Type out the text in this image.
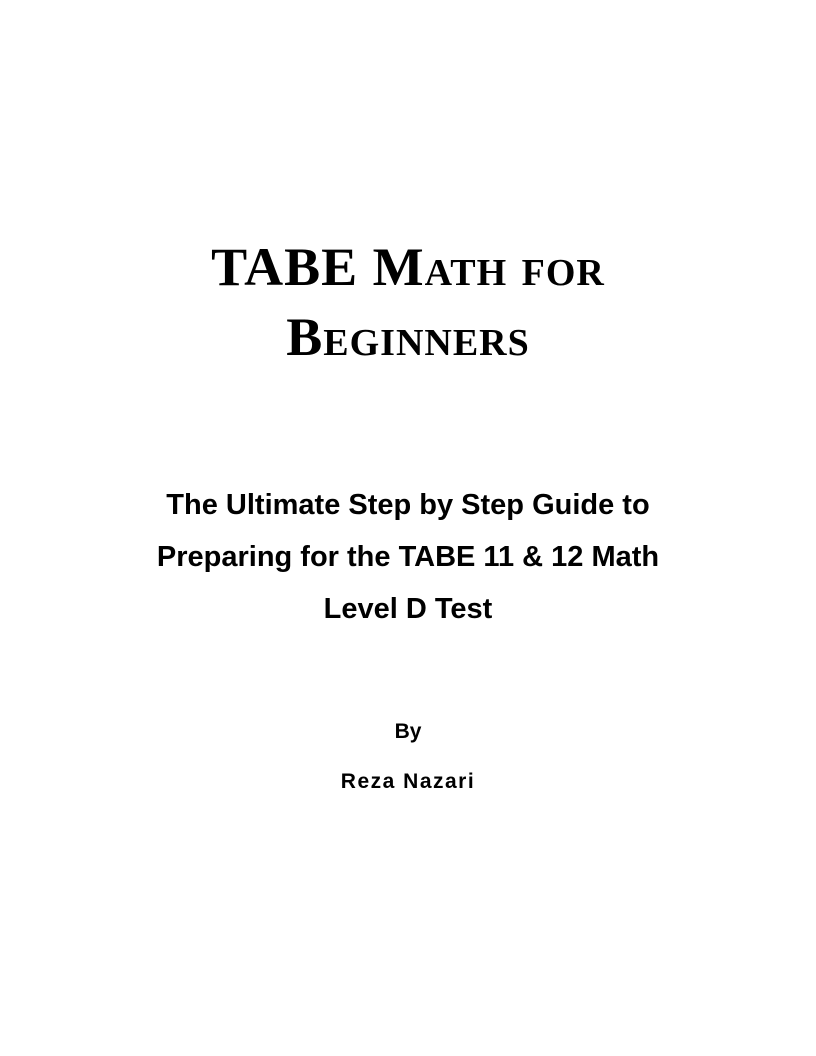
TABE Math for
Beginners
The Ultimate Step by Step Guide to
Preparing for the TABE 11 & 12 Math
Level D Test
By
Reza Nazari
